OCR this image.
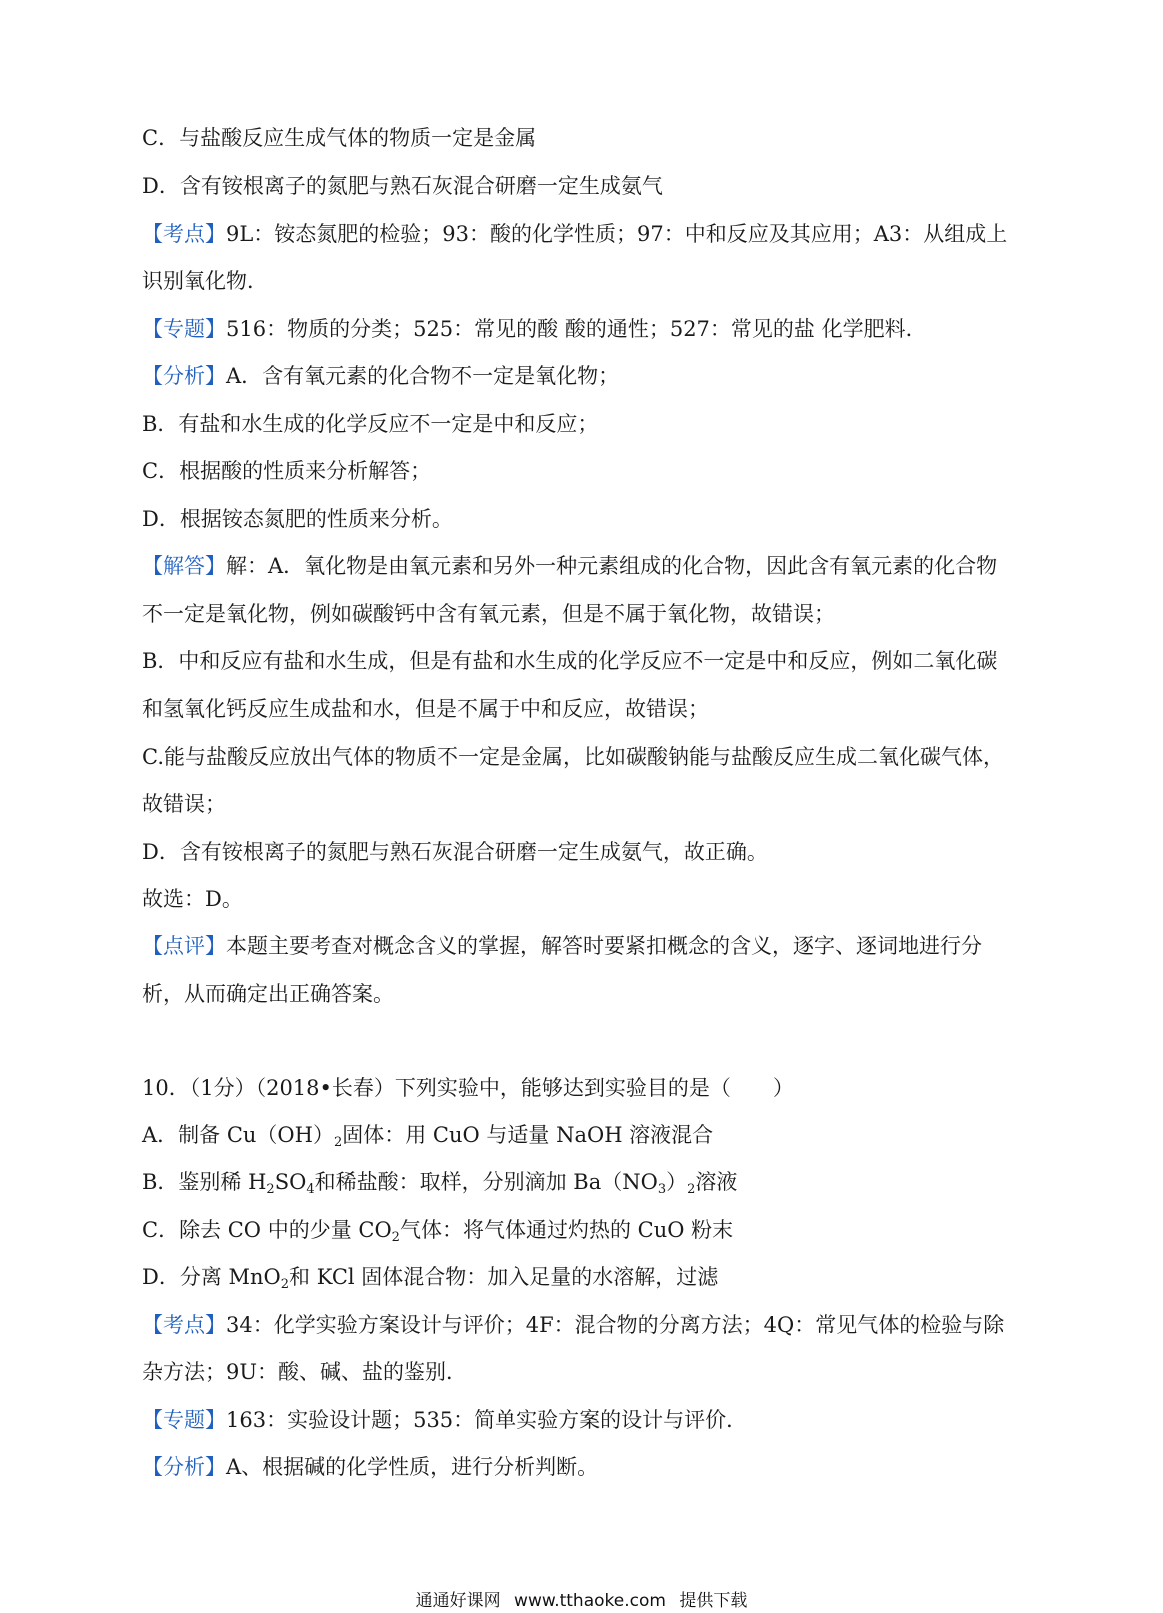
C．与盐酸反应生成气体的物质一定是金属
D．含有铵根离子的氮肥与熟石灰混合研磨一定生成氨气
【考点】9L：铵态氮肥的检验；93：酸的化学性质；97：中和反应及其应用；A3：从组成上
识别氧化物．
【专题】516：物质的分类；525：常见的酸 酸的通性；527：常见的盐 化学肥料．
【分析】A．含有氧元素的化合物不一定是氧化物；
B．有盐和水生成的化学反应不一定是中和反应；
C．根据酸的性质来分析解答；
D．根据铵态氮肥的性质来分析。
【解答】解：A．氧化物是由氧元素和另外一种元素组成的化合物，因此含有氧元素的化合物
不一定是氧化物，例如碳酸钙中含有氧元素，但是不属于氧化物，故错误；
B．中和反应有盐和水生成，但是有盐和水生成的化学反应不一定是中和反应，例如二氧化碳
和氢氧化钙反应生成盐和水，但是不属于中和反应，故错误；
C.能与盐酸反应放出气体的物质不一定是金属，比如碳酸钠能与盐酸反应生成二氧化碳气体，
故错误；
D．含有铵根离子的氮肥与熟石灰混合研磨一定生成氨气，故正确。
故选：D。
【点评】本题主要考查对概念含义的掌握，解答时要紧扣概念的含义，逐字、逐词地进行分
析，从而确定出正确答案。
10．（1分）（2018•长春）下列实验中，能够达到实验目的是（　　）
A．制备 $Cu(OH)_2$固体：用 CuO 与适量 NaOH 溶液混合
B．鉴别稀 $H_2SO_4$和稀盐酸：取样，分别滴加 $Ba(NO_3)_2$溶液
C．除去 CO 中的少量 $CO_2$气体：将气体通过灼热的 CuO 粉末
D．分离 MnO$_2$和 KCl 固体混合物：加入足量的水溶解，过滤
【考点】34：化学实验方案设计与评价；4F：混合物的分离方法；4Q：常见气体的检验与除
杂方法；9U：酸、碱、盐的鉴别．
【专题】163：实验设计题；535：简单实验方案的设计与评价．
【分析】A、根据碱的化学性质，进行分析判断。
通通好课网 www.tthaoke.com 提供下载
